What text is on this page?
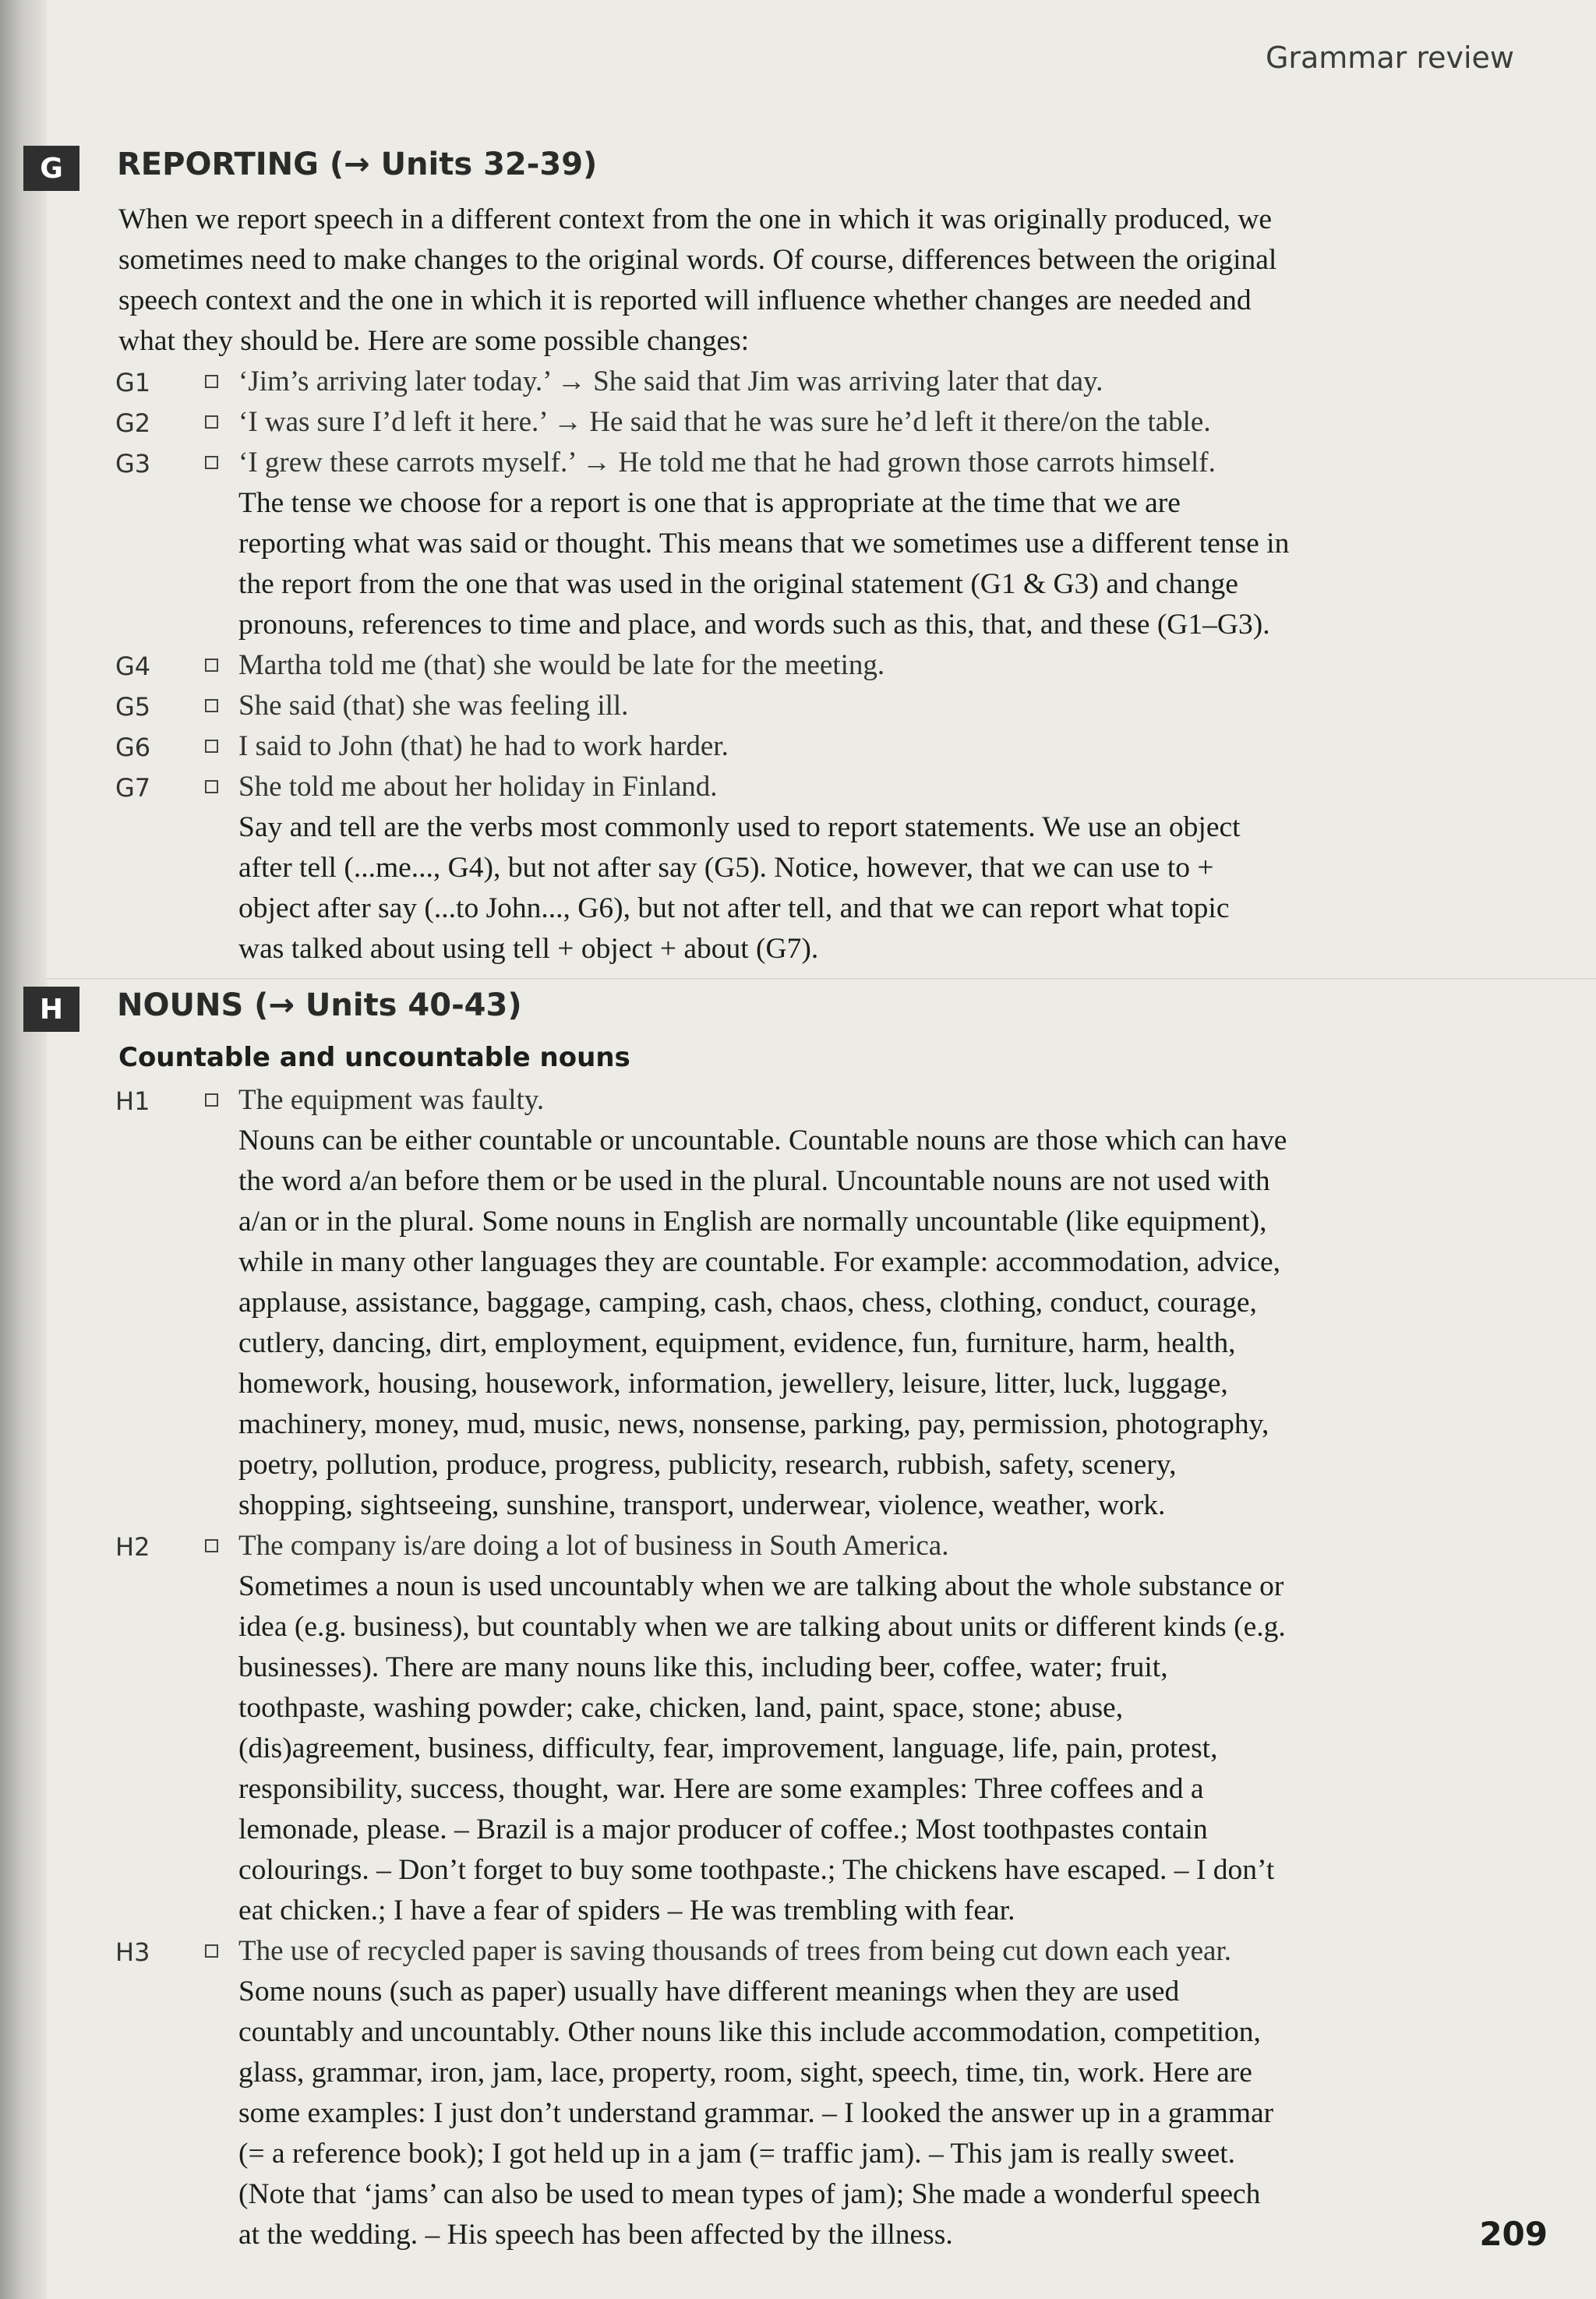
Grammar review
G	REPORTING (→ Units 32-39)
When we report speech in a different context from the one in which it was originally produced, we
sometimes need to make changes to the original words. Of course, differences between the original
speech context and the one in which it is reported will influence whether changes are needed and
what they should be. Here are some possible changes:
G1	‘Jim’s arriving later today.’ → She said that Jim was arriving later that day.
G2	‘I was sure I’d left it here.’ → He said that he was sure he’d left it there/on the table.
G3	‘I grew these carrots myself.’ → He told me that he had grown those carrots himself.
The tense we choose for a report is one that is appropriate at the time that we are
reporting what was said or thought. This means that we sometimes use a different tense in
the report from the one that was used in the original statement (G1 & G3) and change
pronouns, references to time and place, and words such as this, that, and these (G1–G3).
G4	Martha told me (that) she would be late for the meeting.
G5	She said (that) she was feeling ill.
G6	I said to John (that) he had to work harder.
G7	She told me about her holiday in Finland.
Say and tell are the verbs most commonly used to report statements. We use an object
after tell (...me..., G4), but not after say (G5). Notice, however, that we can use to +
object after say (...to John..., G6), but not after tell, and that we can report what topic
was talked about using tell + object + about (G7).
H	NOUNS (→ Units 40-43)
Countable and uncountable nouns
H1	The equipment was faulty.
Nouns can be either countable or uncountable. Countable nouns are those which can have
the word a/an before them or be used in the plural. Uncountable nouns are not used with
a/an or in the plural. Some nouns in English are normally uncountable (like equipment),
while in many other languages they are countable. For example: accommodation, advice,
applause, assistance, baggage, camping, cash, chaos, chess, clothing, conduct, courage,
cutlery, dancing, dirt, employment, equipment, evidence, fun, furniture, harm, health,
homework, housing, housework, information, jewellery, leisure, litter, luck, luggage,
machinery, money, mud, music, news, nonsense, parking, pay, permission, photography,
poetry, pollution, produce, progress, publicity, research, rubbish, safety, scenery,
shopping, sightseeing, sunshine, transport, underwear, violence, weather, work.
H2	The company is/are doing a lot of business in South America.
Sometimes a noun is used uncountably when we are talking about the whole substance or
idea (e.g. business), but countably when we are talking about units or different kinds (e.g.
businesses). There are many nouns like this, including beer, coffee, water; fruit,
toothpaste, washing powder; cake, chicken, land, paint, space, stone; abuse,
(dis)agreement, business, difficulty, fear, improvement, language, life, pain, protest,
responsibility, success, thought, war. Here are some examples: Three coffees and a
lemonade, please. – Brazil is a major producer of coffee.; Most toothpastes contain
colourings. – Don’t forget to buy some toothpaste.; The chickens have escaped. – I don’t
eat chicken.; I have a fear of spiders – He was trembling with fear.
H3	The use of recycled paper is saving thousands of trees from being cut down each year.
Some nouns (such as paper) usually have different meanings when they are used
countably and uncountably. Other nouns like this include accommodation, competition,
glass, grammar, iron, jam, lace, property, room, sight, speech, time, tin, work. Here are
some examples: I just don’t understand grammar. – I looked the answer up in a grammar
(= a reference book); I got held up in a jam (= traffic jam). – This jam is really sweet.
(Note that ‘jams’ can also be used to mean types of jam); She made a wonderful speech
at the wedding. – His speech has been affected by the illness.	209
